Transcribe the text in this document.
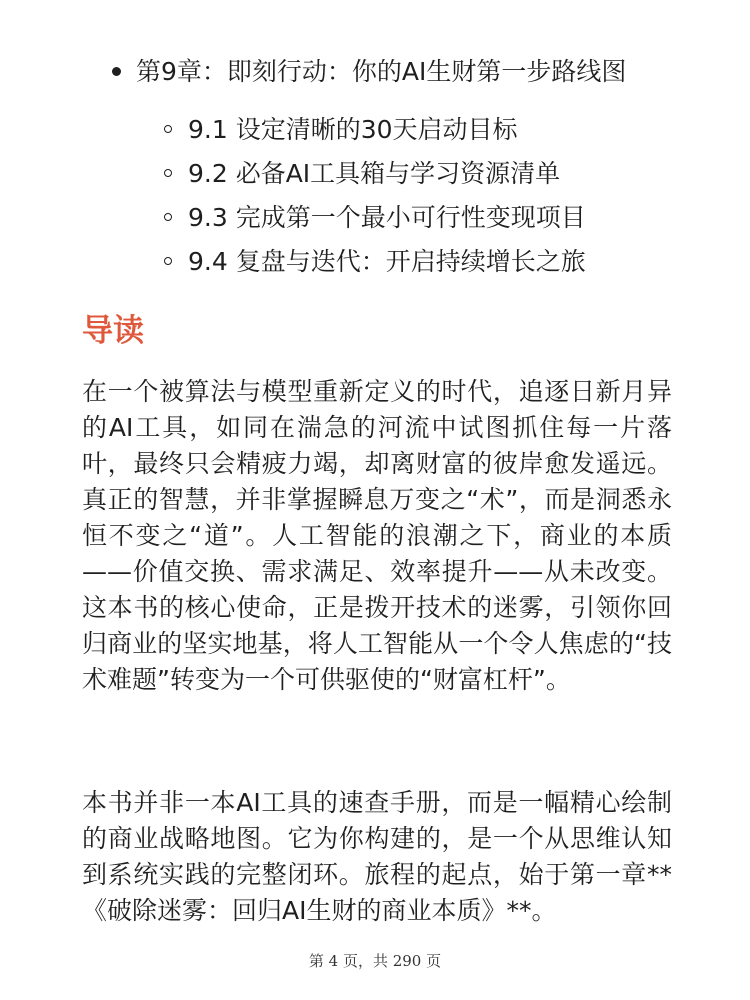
第9章：即刻行动：你的AI生财第一步路线图
9.1 设定清晰的30天启动目标
9.2 必备AI工具箱与学习资源清单
9.3 完成第一个最小可行性变现项目
9.4 复盘与迭代：开启持续增长之旅
导读

在一个被算法与模型重新定义的时代，追逐日新月异的AI工具，如同在湍急的河流中试图抓住每一片落叶，最终只会精疲力竭，却离财富的彼岸愈发遥远。真正的智慧，并非掌握瞬息万变之“术”，而是洞悉永恒不变之“道”。人工智能的浪潮之下，商业的本质——价值交换、需求满足、效率提升——从未改变。这本书的核心使命，正是拨开技术的迷雾，引领你回归商业的坚实地基，将人工智能从一个令人焦虑的“技术难题”转变为一个可供驱使的“财富杠杆”。

本书并非一本AI工具的速查手册，而是一幅精心绘制的商业战略地图。它为你构建的，是一个从思维认知到系统实践的完整闭环。旅程的起点，始于第一章**《破除迷雾：回归AI生财的商业本质》**。

第 4 页，共 290 页
